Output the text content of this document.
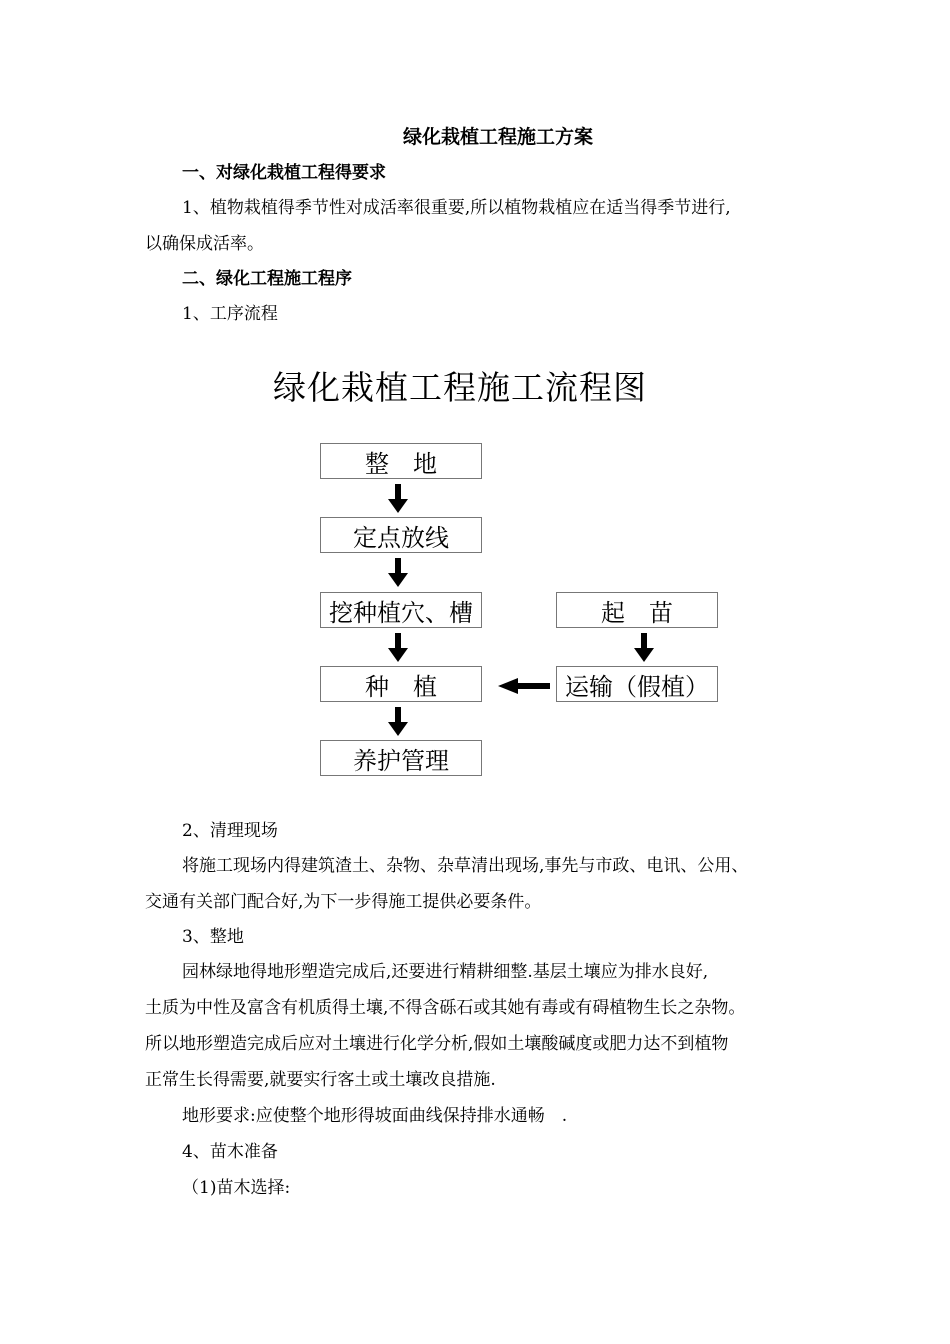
绿化栽植工程施工方案
一、对绿化栽植工程得要求
1、植物栽植得季节性对成活率很重要,所以植物栽植应在适当得季节进行,
以确保成活率。
二、绿化工程施工程序
1、工序流程
绿化栽植工程施工流程图
整　地
定点放线
挖种植穴、槽
种　植
养护管理
起　苗
运输（假植）
2、清理现场
将施工现场内得建筑渣土、杂物、杂草清出现场,事先与市政、电讯、公用、
交通有关部门配合好,为下一步得施工提供必要条件。
3、整地
园林绿地得地形塑造完成后,还要进行精耕细整.基层土壤应为排水良好,
土质为中性及富含有机质得土壤,不得含砾石或其她有毒或有碍植物生长之杂物。
所以地形塑造完成后应对土壤进行化学分析,假如土壤酸碱度或肥力达不到植物
正常生长得需要,就要实行客土或土壤改良措施.
地形要求:应使整个地形得坡面曲线保持排水通畅　.
4、苗木准备
（1)苗木选择:
